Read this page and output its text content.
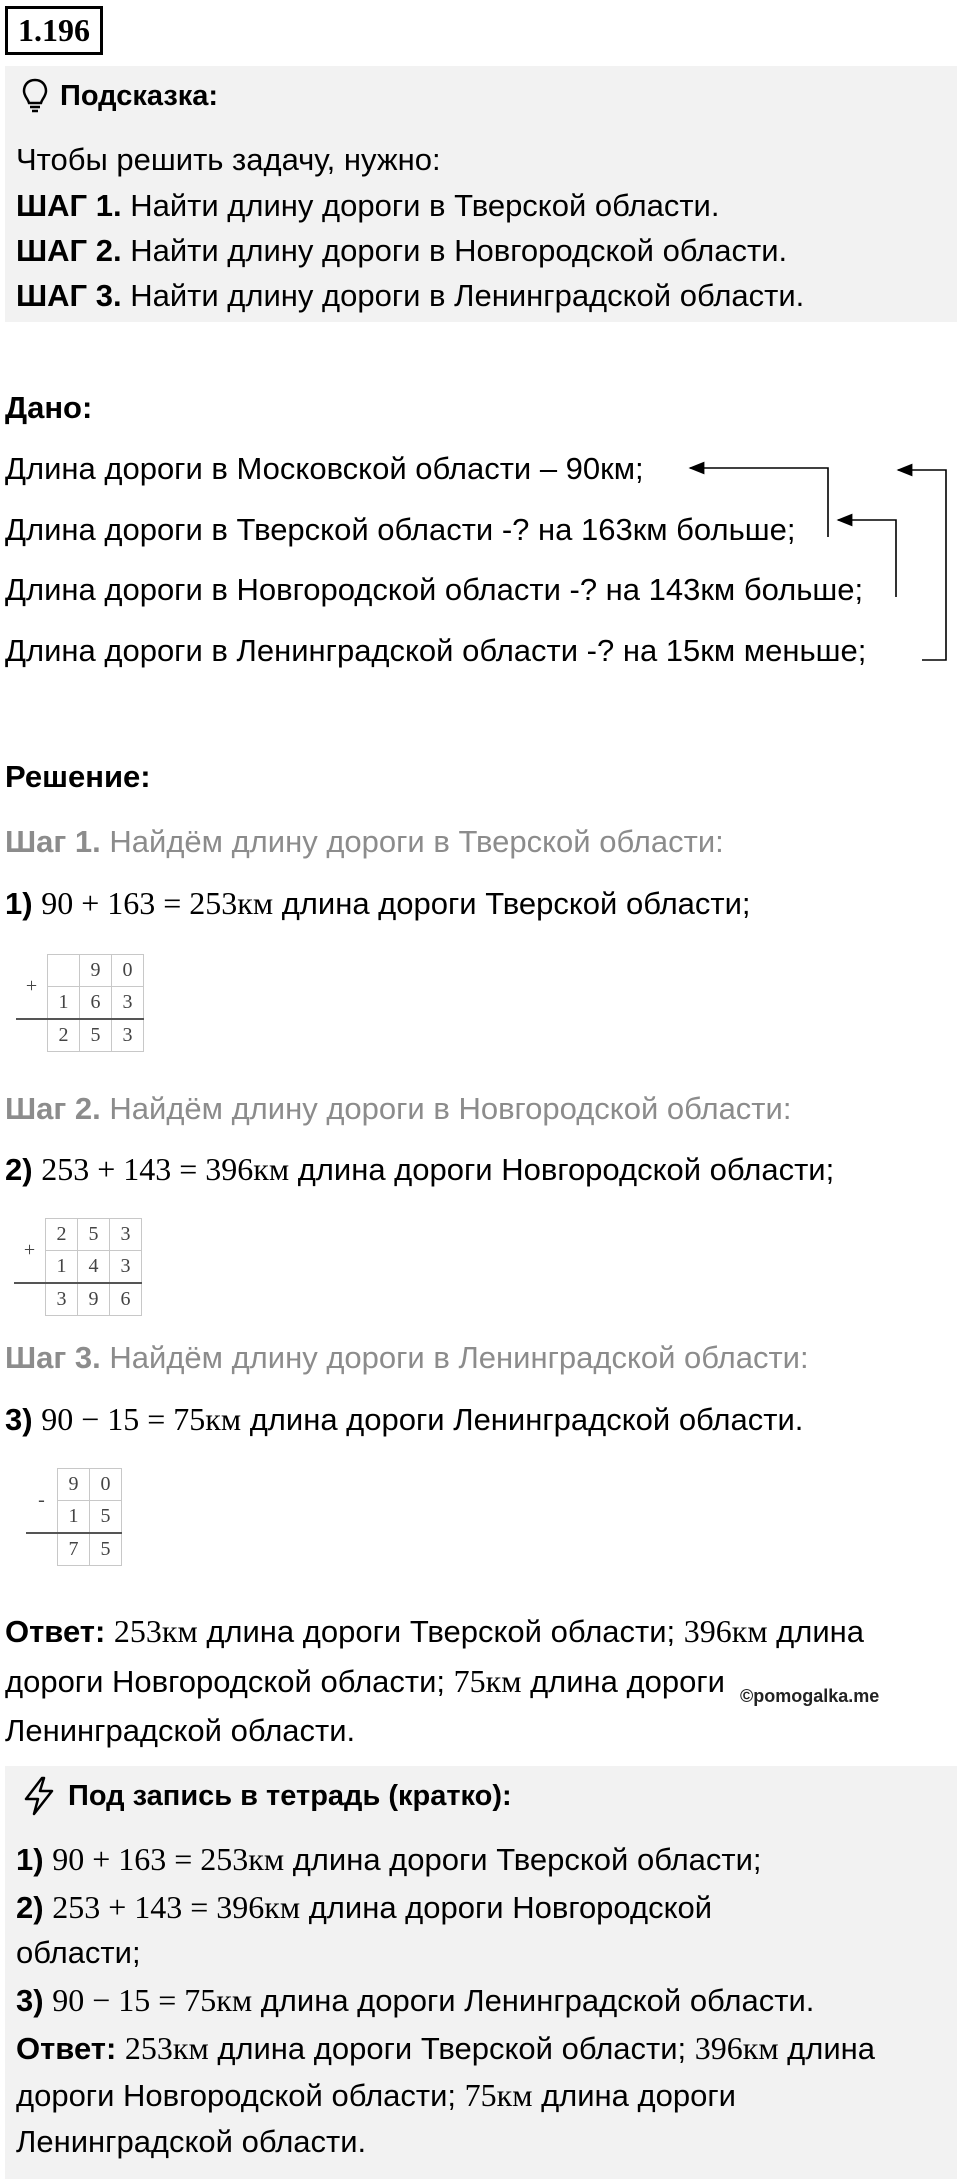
1.196
Подсказка:
Чтобы решить задачу, нужно:
ШАГ 1. Найти длину дороги в Тверской области.
ШАГ 2. Найти длину дороги в Новгородской области.
ШАГ 3. Найти длину дороги в Ленинградской области.
Дано:
Длина дороги в Московской области – 90км;
Длина дороги в Тверской области -? на 163км больше;
Длина дороги в Новгородской области -? на 143км больше;
Длина дороги в Ленинградской области -? на 15км меньше;
Решение:
Шаг 1. Найдём длину дороги в Тверской области:
1) 90 + 163 = 253км длина дороги Тверской области;
+		9	0
	1	6	3
	2	5	3
Шаг 2. Найдём длину дороги в Новгородской области:
2) 253 + 143 = 396км длина дороги Новгородской области;
+	2	5	3
	1	4	3
	3	9	6
Шаг 3. Найдём длину дороги в Ленинградской области:
3) 90 − 15 = 75км длина дороги Ленинградской области.
-	9	0
	1	5
	7	5
Ответ: 253км длина дороги Тверской области; 396км длина
дороги Новгородской области; 75км длина дороги
Ленинградской области.
©pomogalka.me
Под запись в тетрадь (кратко):
1) 90 + 163 = 253км длина дороги Тверской области;
2) 253 + 143 = 396км длина дороги Новгородской
области;
3) 90 − 15 = 75км длина дороги Ленинградской области.
Ответ: 253км длина дороги Тверской области; 396км длина
дороги Новгородской области; 75км длина дороги
Ленинградской области.
